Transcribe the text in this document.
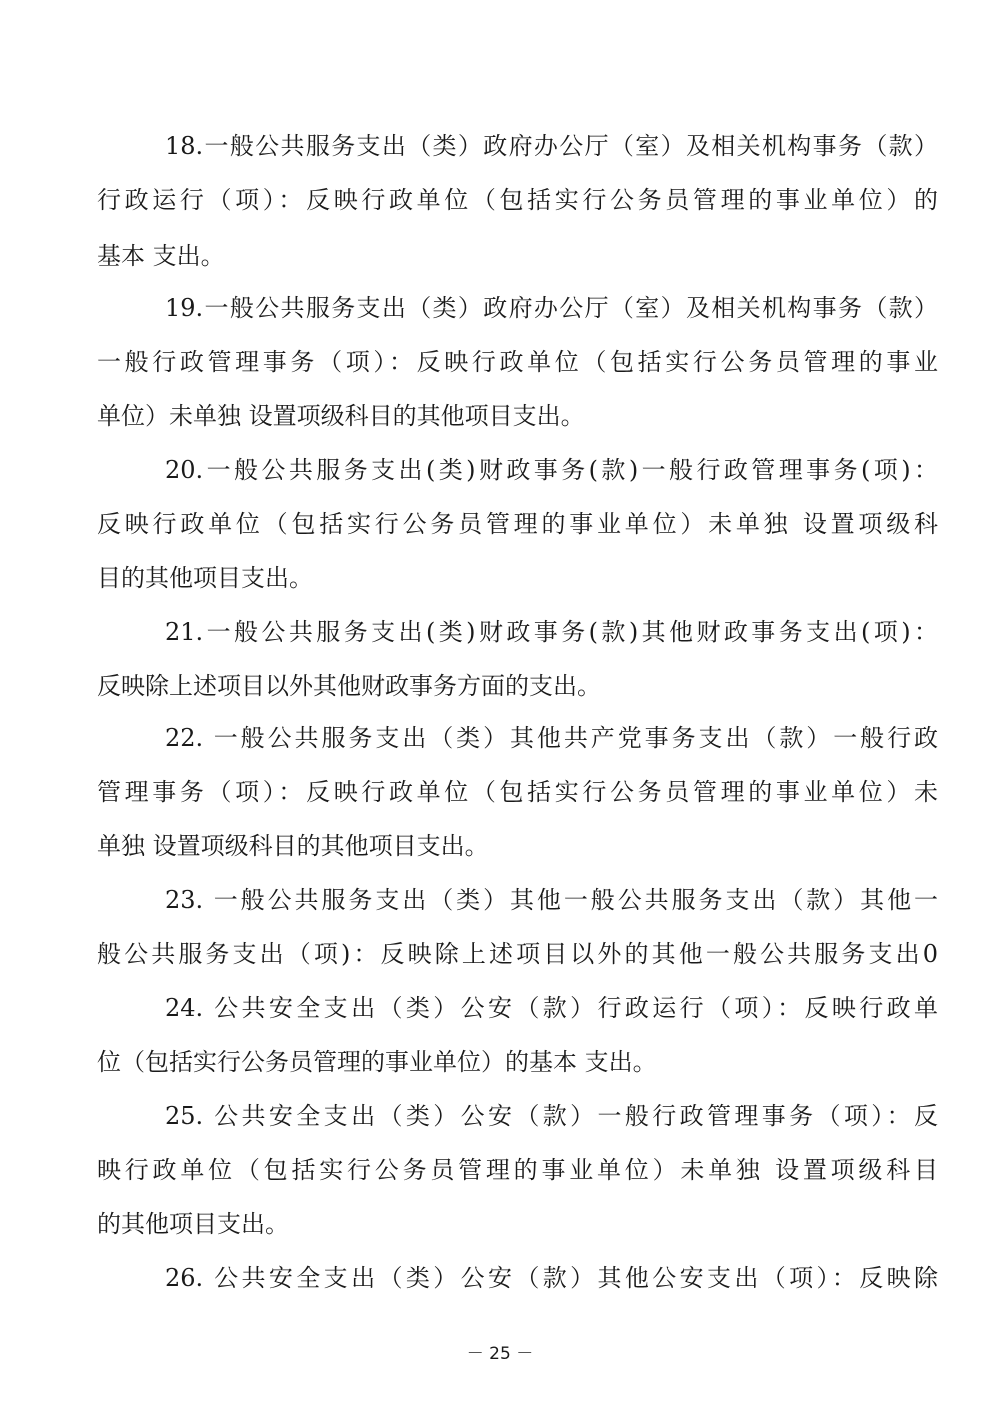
18.一般公共服务支出（类）政府办公厅（室）及相关机构事务（款）
行政运行（项）：反映行政单位（包括实行公务员管理的事业单位）的
基本 支出。
19.一般公共服务支出（类）政府办公厅（室）及相关机构事务（款）
一般行政管理事务（项）：反映行政单位（包括实行公务员管理的事业
单位）未单独 设置项级科目的其他项目支出。
20.一般公共服务支出(类)财政事务(款)一般行政管理事务(项)：
反映行政单位（包括实行公务员管理的事业单位）未单独 设置项级科
目的其他项目支出。
21.一般公共服务支出(类)财政事务(款)其他财政事务支出(项)：
反映除上述项目以外其他财政事务方面的支出。
22. 一般公共服务支出（类）其他共产党事务支出（款）一般行政
管理事务（项）：反映行政单位（包括实行公务员管理的事业单位）未
单独 设置项级科目的其他项目支出。
23. 一般公共服务支出（类）其他一般公共服务支出（款）其他一
般公共服务支出（项)：反映除上述项目以外的其他一般公共服务支出0
24. 公共安全支出（类）公安（款）行政运行（项）：反映行政单
位（包括实行公务员管理的事业单位）的基本 支出。
25. 公共安全支出（类）公安（款）一般行政管理事务（项）：反
映行政单位（包括实行公务员管理的事业单位）未单独 设置项级科目
的其他项目支出。
26. 公共安全支出（类）公安（款）其他公安支出（项）：反映除
－ 25 －
